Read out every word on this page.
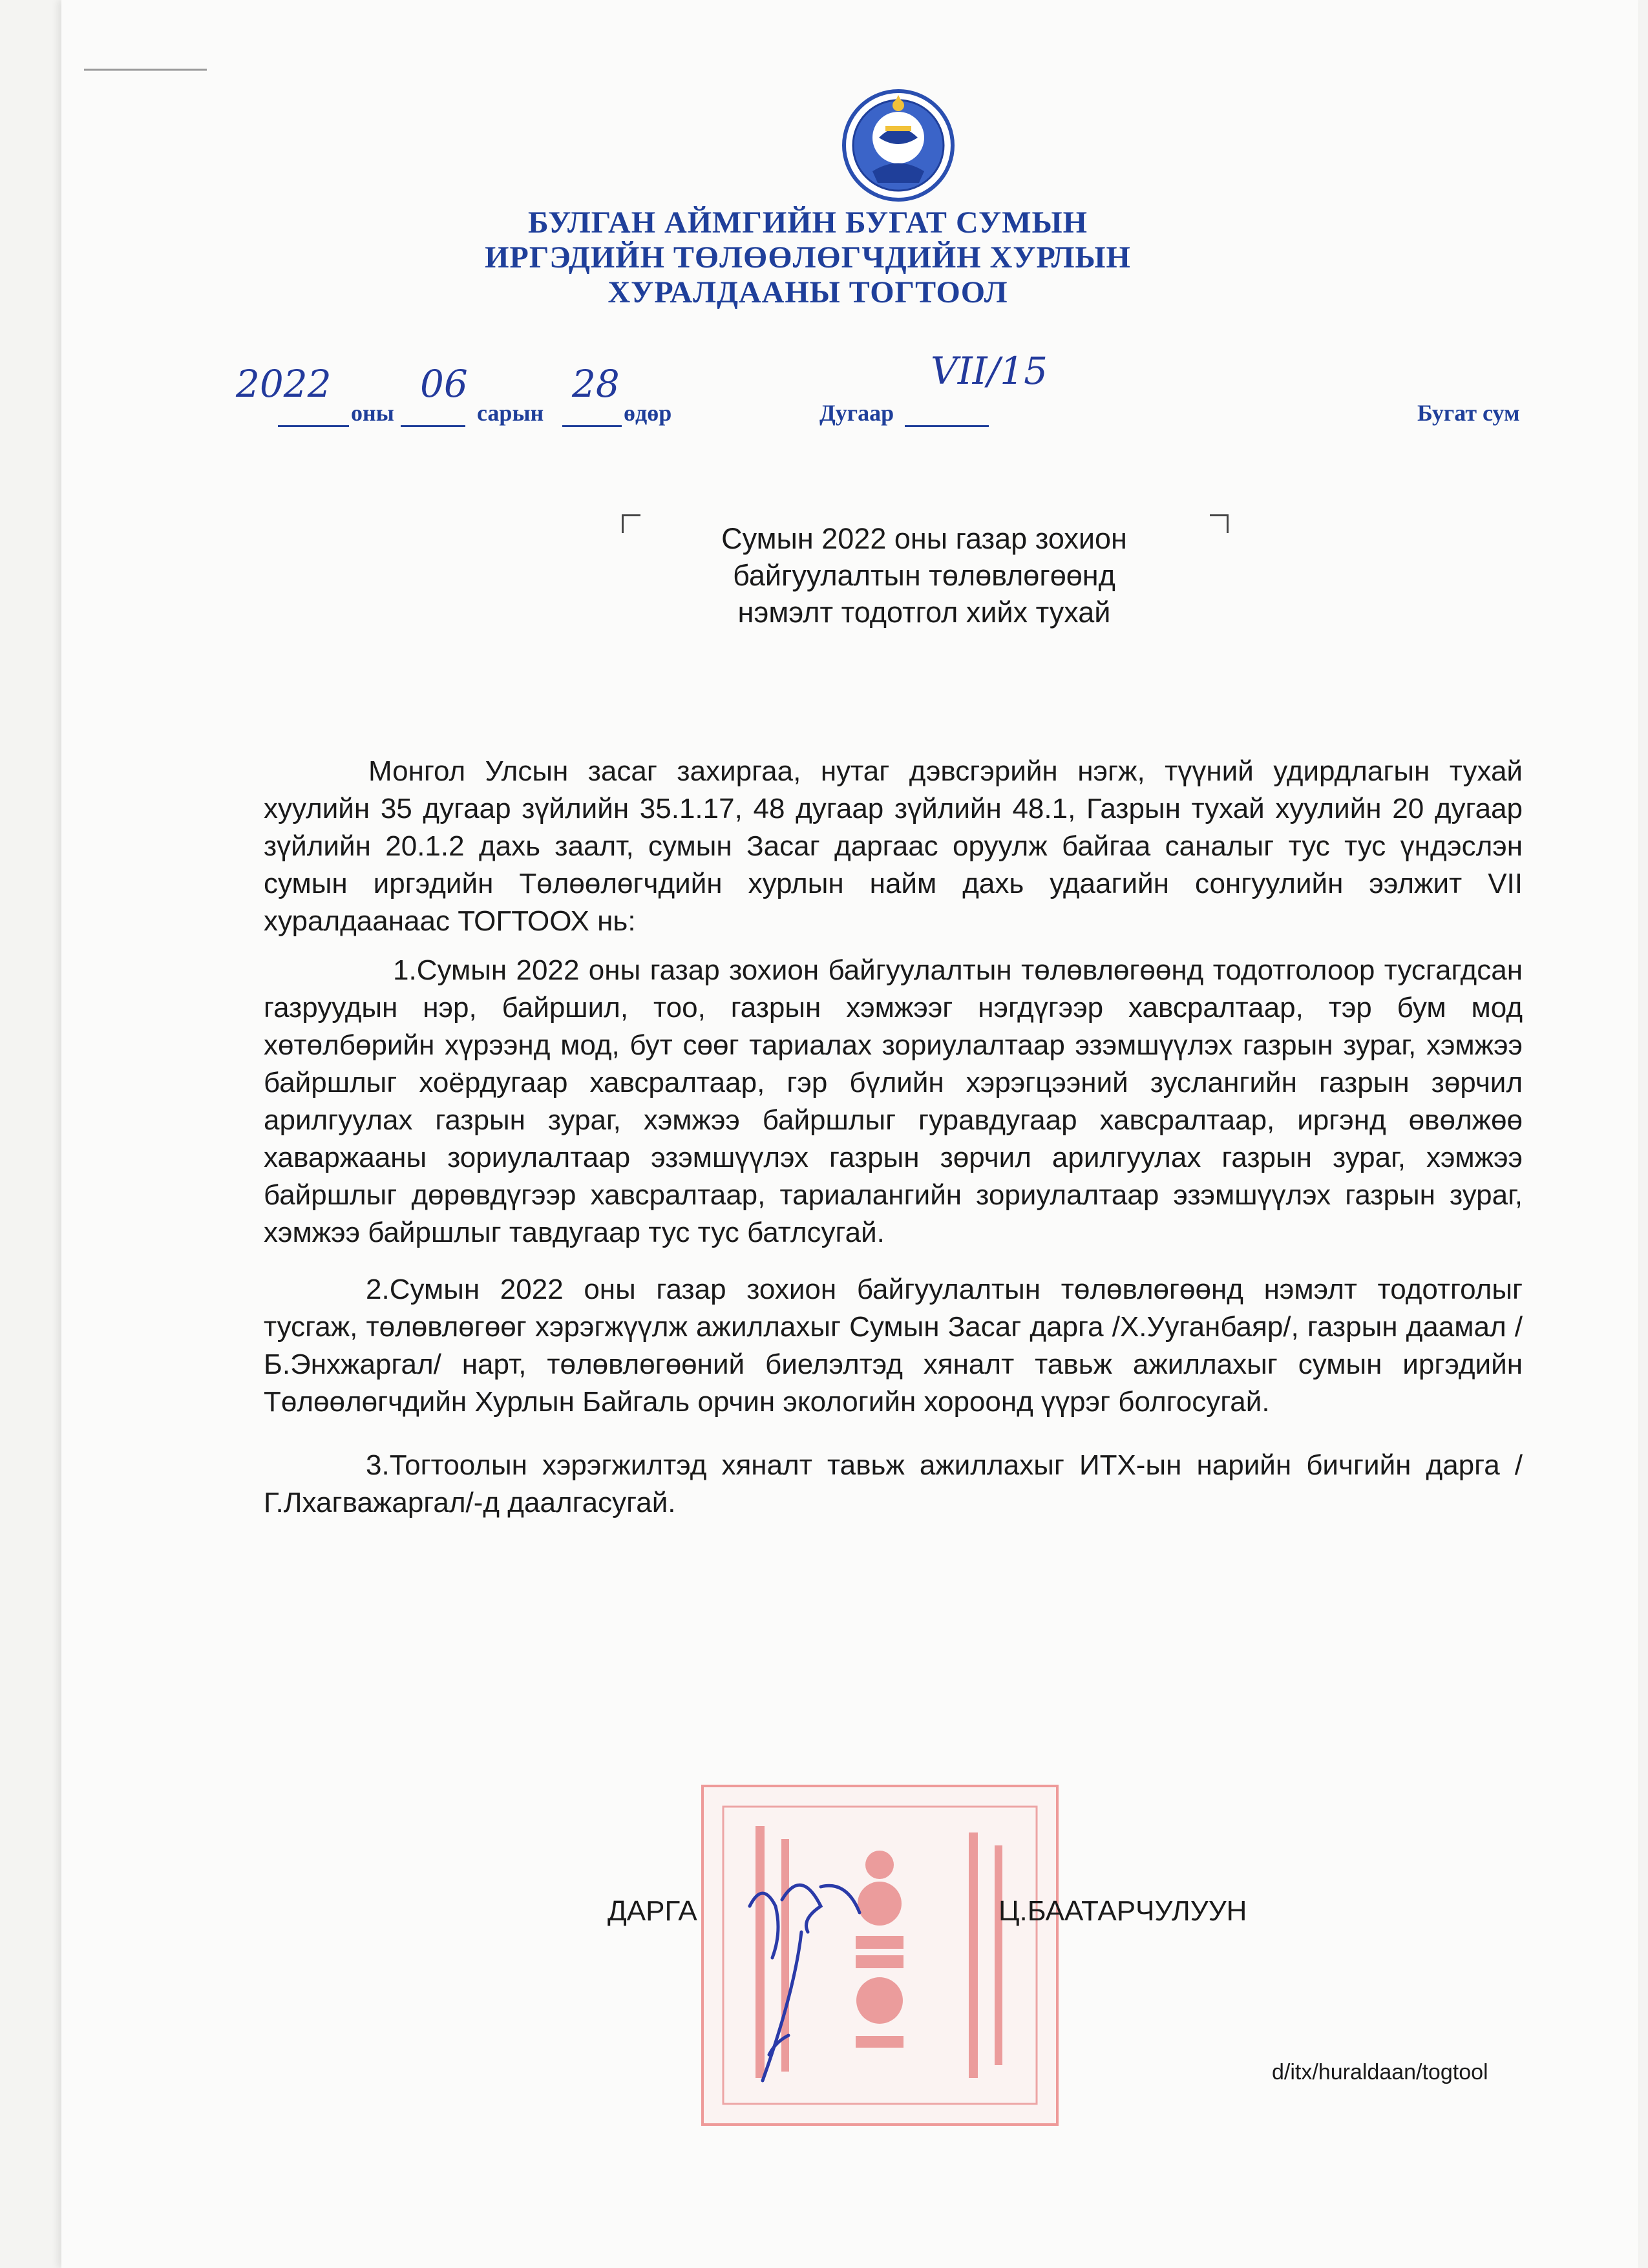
БУЛГАН АЙМГИЙН БУГАТ СУМЫН
ИРГЭДИЙН ТӨЛӨӨЛӨГЧДИЙН ХУРЛЫН
ХУРАЛДААНЫ ТОГТООЛ
2022
оны
06
сарын
28
өдөр	Дугаар
VII/15
Бугат сум
Сумын 2022 оны газар зохион
байгуулалтын төлөвлөгөөнд
нэмэлт тодотгол хийх тухай

Монгол Улсын засаг захиргаа, нутаг дэвсгэрийн нэгж, түүний удирдлагын тухай хуулийн 35 дугаар зүйлийн 35.1.17, 48 дугаар зүйлийн 48.1, Газрын тухай хуулийн 20 дугаар зүйлийн 20.1.2 дахь заалт, сумын Засаг даргаас оруулж байгаа саналыг тус тус үндэслэн сумын иргэдийн Төлөөлөгчдийн хурлын найм дахь удаагийн сонгуулийн ээлжит VII хуралдаанаас ТОГТООХ нь:

1.Сумын 2022 оны газар зохион байгуулалтын төлөвлөгөөнд тодотголоор тусгагдсан газруудын нэр, байршил, тоо, газрын хэмжээг нэгдүгээр хавсралтаар, тэр бум мод хөтөлбөрийн хүрээнд мод, бут сөөг тариалах зориулалтаар эзэмшүүлэх газрын зураг, хэмжээ байршлыг хоёрдугаар хавсралтаар, гэр бүлийн хэрэгцээний зуслангийн газрын зөрчил арилгуулах газрын зураг, хэмжээ байршлыг гуравдугаар хавсралтаар, иргэнд өвөлжөө хаваржааны зориулалтаар эзэмшүүлэх газрын зөрчил арилгуулах газрын зураг, хэмжээ байршлыг дөрөвдүгээр хавсралтаар, тариалангийн зориулалтаар эзэмшүүлэх газрын зураг, хэмжээ байршлыг тавдугаар тус тус батлсугай.

2.Сумын 2022 оны газар зохион байгуулалтын төлөвлөгөөнд нэмэлт тодотголыг тусгаж, төлөвлөгөөг хэрэгжүүлж ажиллахыг Сумын Засаг дарга /Х.Ууганбаяр/, газрын даамал /Б.Энхжаргал/ нарт, төлөвлөгөөний биелэлтэд хяналт тавьж ажиллахыг сумын иргэдийн Төлөөлөгчдийн Хурлын Байгаль орчин экологийн хороонд үүрэг болгосугай.

3.Тогтоолын хэрэгжилтэд хяналт тавьж ажиллахыг ИТХ-ын нарийн бичгийн дарга /Г.Лхагважаргал/-д даалгасугай.

ДАРГА	Ц.БААТАРЧУЛУУН
d/itx/huraldaan/togtool
